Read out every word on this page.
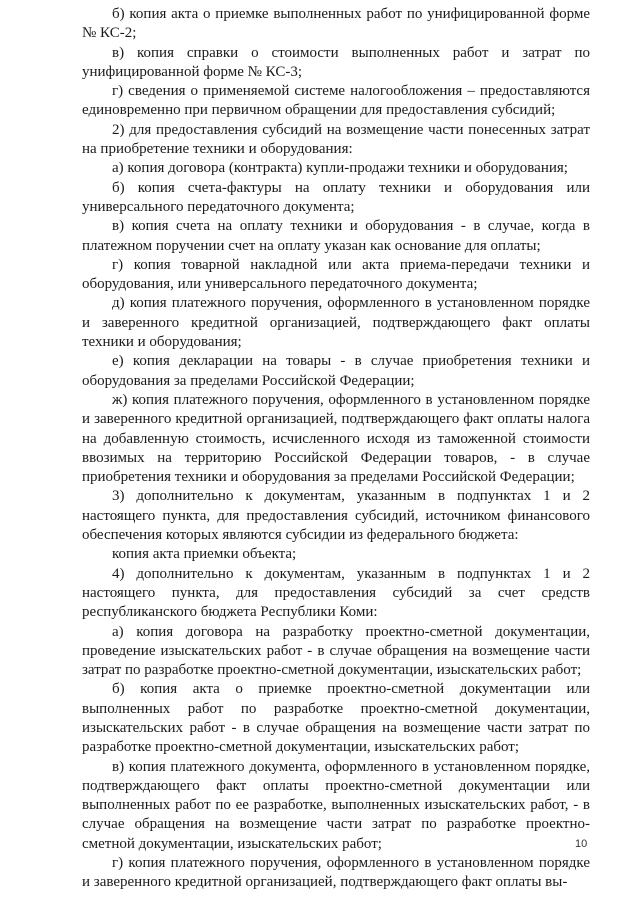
б) копия акта о приемке выполненных работ по унифицированной форме № КС-2;

в) копия справки о стоимости выполненных работ и затрат по унифицированной форме № КС-3;

г) сведения о применяемой системе налогообложения – предоставляются единовременно при первичном обращении для предоставления субсидий;

2) для предоставления субсидий на возмещение части понесенных затрат на приобретение техники и оборудования:

а) копия договора (контракта) купли-продажи техники и оборудования;

б) копия счета-фактуры на оплату техники и оборудования или универсального передаточного документа;

в) копия счета на оплату техники и оборудования - в случае, когда в платежном поручении счет на оплату указан как основание для оплаты;

г) копия товарной накладной или акта приема-передачи техники и оборудования, или универсального передаточного документа;

д) копия платежного поручения, оформленного в установленном порядке и заверенного кредитной организацией, подтверждающего факт оплаты техники и оборудования;

е) копия декларации на товары - в случае приобретения техники и оборудования за пределами Российской Федерации;

ж) копия платежного поручения, оформленного в установленном порядке и заверенного кредитной организацией, подтверждающего факт оплаты налога на добавленную стоимость, исчисленного исходя из таможенной стоимости ввозимых на территорию Российской Федерации товаров, - в случае приобретения техники и оборудования за пределами Российской Федерации;

3) дополнительно к документам, указанным в подпунктах 1 и 2 настоящего пункта, для предоставления субсидий, источником финансового обеспечения которых являются субсидии из федерального бюджета:

копия акта приемки объекта;

4) дополнительно к документам, указанным в подпунктах 1 и 2 настоящего пункта, для предоставления субсидий за счет средств республиканского бюджета Республики Коми:

а) копия договора на разработку проектно-сметной документации, проведение изыскательских работ - в случае обращения на возмещение части затрат по разработке проектно-сметной документации, изыскательских работ;

б) копия акта о приемке проектно-сметной документации или выполненных работ по разработке проектно-сметной документации, изыскательских работ - в случае обращения на возмещение части затрат по разработке проектно-сметной документации, изыскательских работ;

в) копия платежного документа, оформленного в установленном порядке, подтверждающего факт оплаты проектно-сметной документации или выполненных работ по ее разработке, выполненных изыскательских работ, - в случае обращения на возмещение части затрат по разработке проектно-сметной документации, изыскательских работ;

г) копия платежного поручения, оформленного в установленном порядке и заверенного кредитной организацией, подтверждающего факт оплаты вы-

10
